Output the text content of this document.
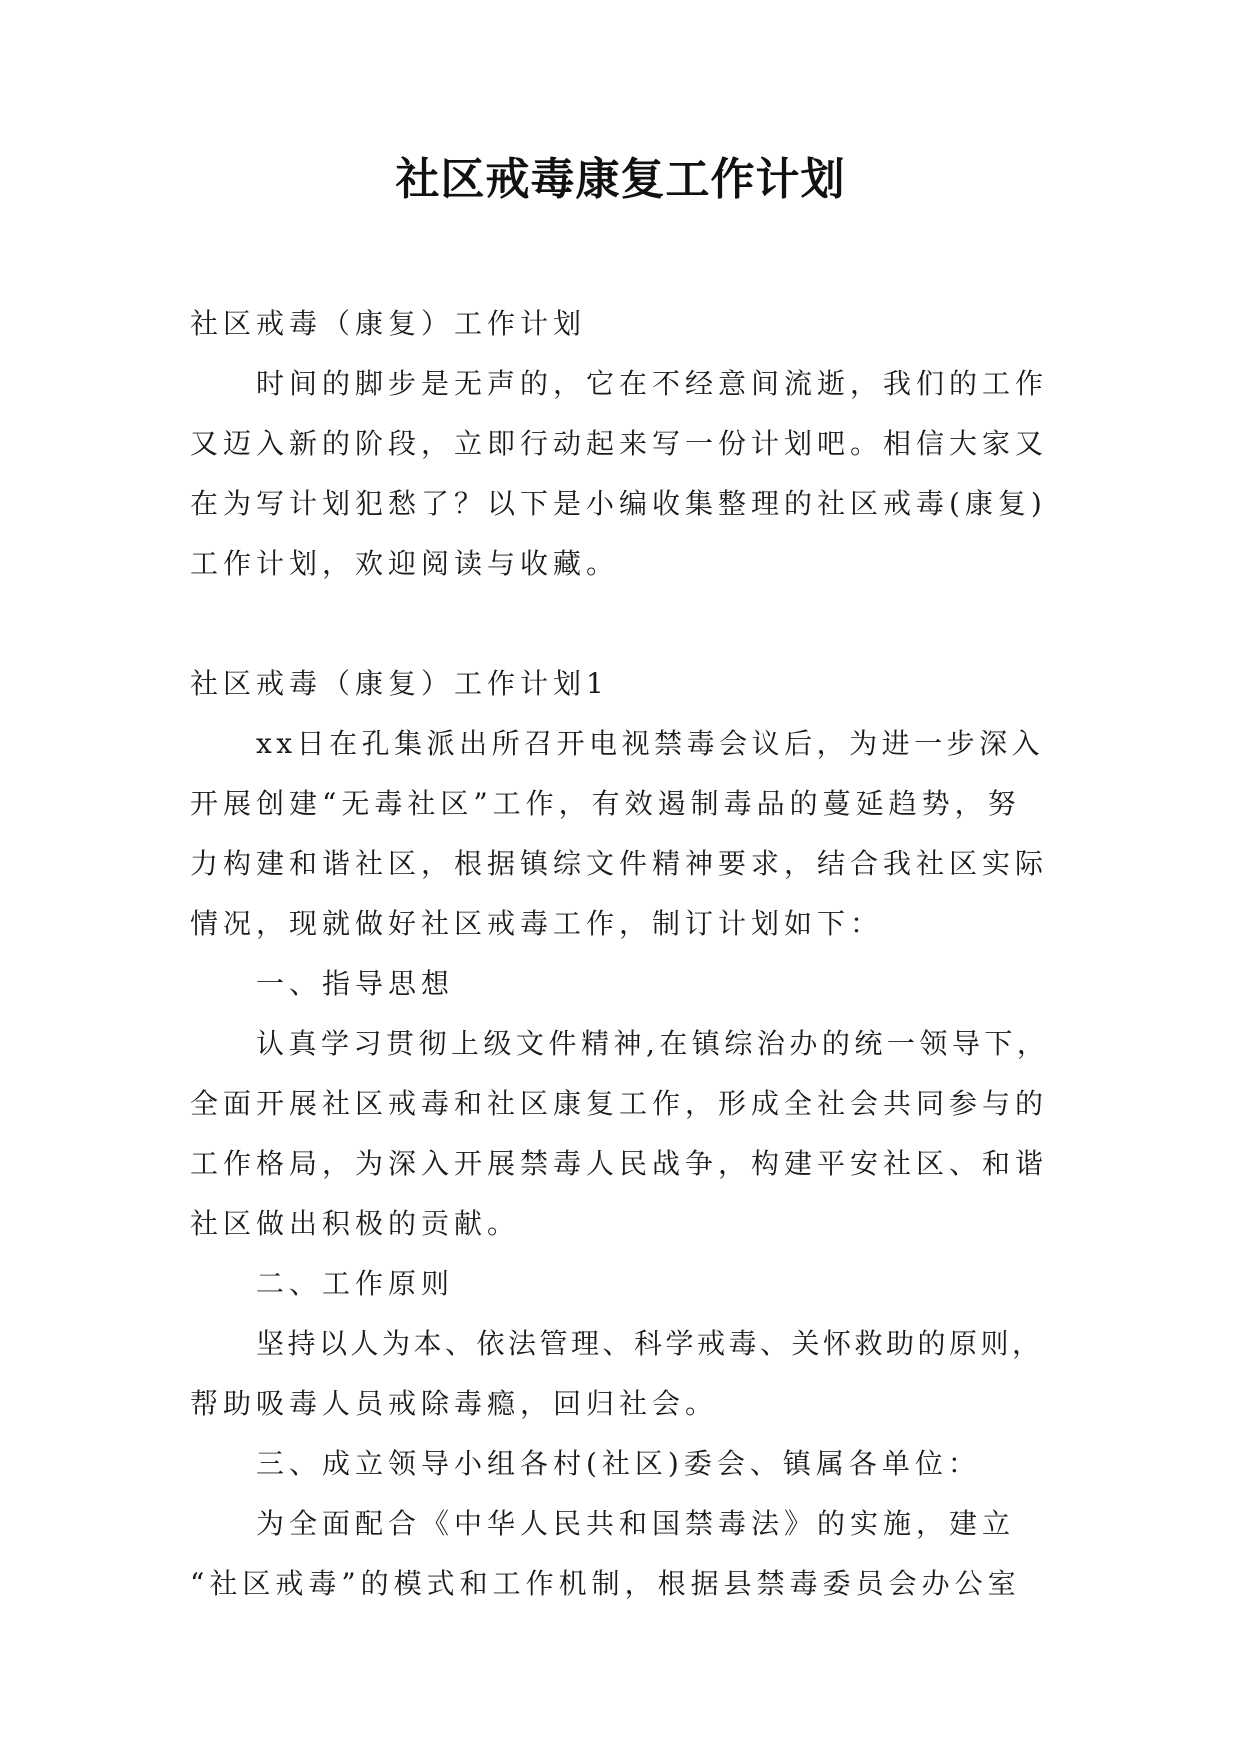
社区戒毒康复工作计划
社区戒毒（康复）工作计划
时间的脚步是无声的，它在不经意间流逝，我们的工作
又迈入新的阶段，立即行动起来写一份计划吧。相信大家又
在为写计划犯愁了？以下是小编收集整理的社区戒毒(康复)
工作计划，欢迎阅读与收藏。
社区戒毒（康复）工作计划1
xx日在孔集派出所召开电视禁毒会议后，为进一步深入
开展创建“无毒社区”工作，有效遏制毒品的蔓延趋势，努
力构建和谐社区，根据镇综文件精神要求，结合我社区实际
情况，现就做好社区戒毒工作，制订计划如下：
一、指导思想
认真学习贯彻上级文件精神,在镇综治办的统一领导下，
全面开展社区戒毒和社区康复工作，形成全社会共同参与的
工作格局，为深入开展禁毒人民战争，构建平安社区、和谐
社区做出积极的贡献。
二、工作原则
坚持以人为本、依法管理、科学戒毒、关怀救助的原则，
帮助吸毒人员戒除毒瘾，回归社会。
三、成立领导小组各村(社区)委会、镇属各单位：
为全面配合《中华人民共和国禁毒法》的实施，建立
“社区戒毒”的模式和工作机制，根据县禁毒委员会办公室
